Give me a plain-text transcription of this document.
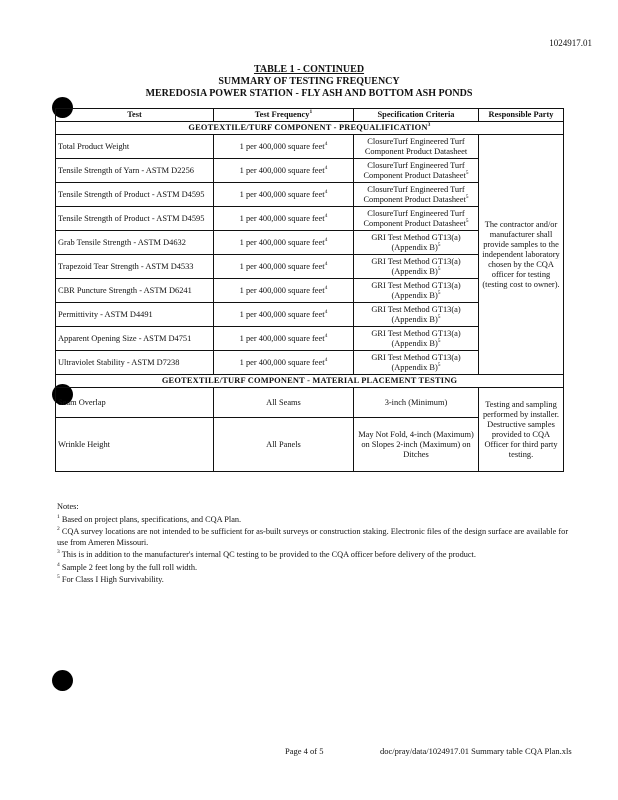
1024917.01
TABLE 1 - CONTINUED
SUMMARY OF TESTING FREQUENCY
MEREDOSIA POWER STATION - FLY ASH AND BOTTOM ASH PONDS
Test	Test Frequency$^1$	Specification Criteria	Responsible Party
GEOTEXTILE/TURF COMPONENT - PREQUALIFICATION$^3$
Total Product Weight	1 per 400,000 square feet$^4$	ClosureTurf Engineered Turf Component Product Datasheet	The contractor and/or manufacturer shall provide samples to the independent laboratory chosen by the CQA officer for testing (testing cost to owner).
Tensile Strength of Yarn - ASTM D2256	1 per 400,000 square feet$^4$	ClosureTurf Engineered Turf Component Product Datasheet$^5$
Tensile Strength of Product - ASTM D4595	1 per 400,000 square feet$^4$	ClosureTurf Engineered Turf Component Product Datasheet$^5$
Tensile Strength of Product - ASTM D4595	1 per 400,000 square feet$^4$	ClosureTurf Engineered Turf Component Product Datasheet$^5$
Grab Tensile Strength - ASTM D4632	1 per 400,000 square feet$^4$	GRI Test Method GT13(a) (Appendix B)$^5$
Trapezoid Tear Strength - ASTM D4533	1 per 400,000 square feet$^4$	GRI Test Method GT13(a) (Appendix B)$^5$
CBR Puncture Strength - ASTM D6241	1 per 400,000 square feet$^4$	GRI Test Method GT13(a) (Appendix B)$^5$
Permittivity - ASTM D4491	1 per 400,000 square feet$^4$	GRI Test Method GT13(a) (Appendix B)$^5$
Apparent Opening Size - ASTM D4751	1 per 400,000 square feet$^4$	GRI Test Method GT13(a) (Appendix B)$^5$
Ultraviolet Stability - ASTM D7238	1 per 400,000 square feet$^4$	GRI Test Method GT13(a) (Appendix B)$^5$
GEOTEXTILE/TURF COMPONENT - MATERIAL PLACEMENT TESTING			
Seam Overlap	All Seams	3-inch (Minimum)	Testing and sampling performed by installer. Destructive samples provided to CQA Officer for third party testing.
Wrinkle Height	All Panels	May Not Fold, 4-inch (Maximum) on Slopes 2-inch (Maximum) on Ditches	

Notes:

$^1$ Based on project plans, specifications, and CQA Plan.

$^2$ CQA survey locations are not intended to be sufficient for as-built surveys or construction staking. Electronic files of the design surface are available for use from Ameren Missouri.

$^3$ This is in addition to the manufacturer's internal QC testing to be provided to the CQA officer before delivery of the product.

$^4$ Sample 2 feet long by the full roll width.

$^5$ For Class I High Survivability.

Page 4 of 5	doc/pray/data/1024917.01 Summary table CQA Plan.xls
